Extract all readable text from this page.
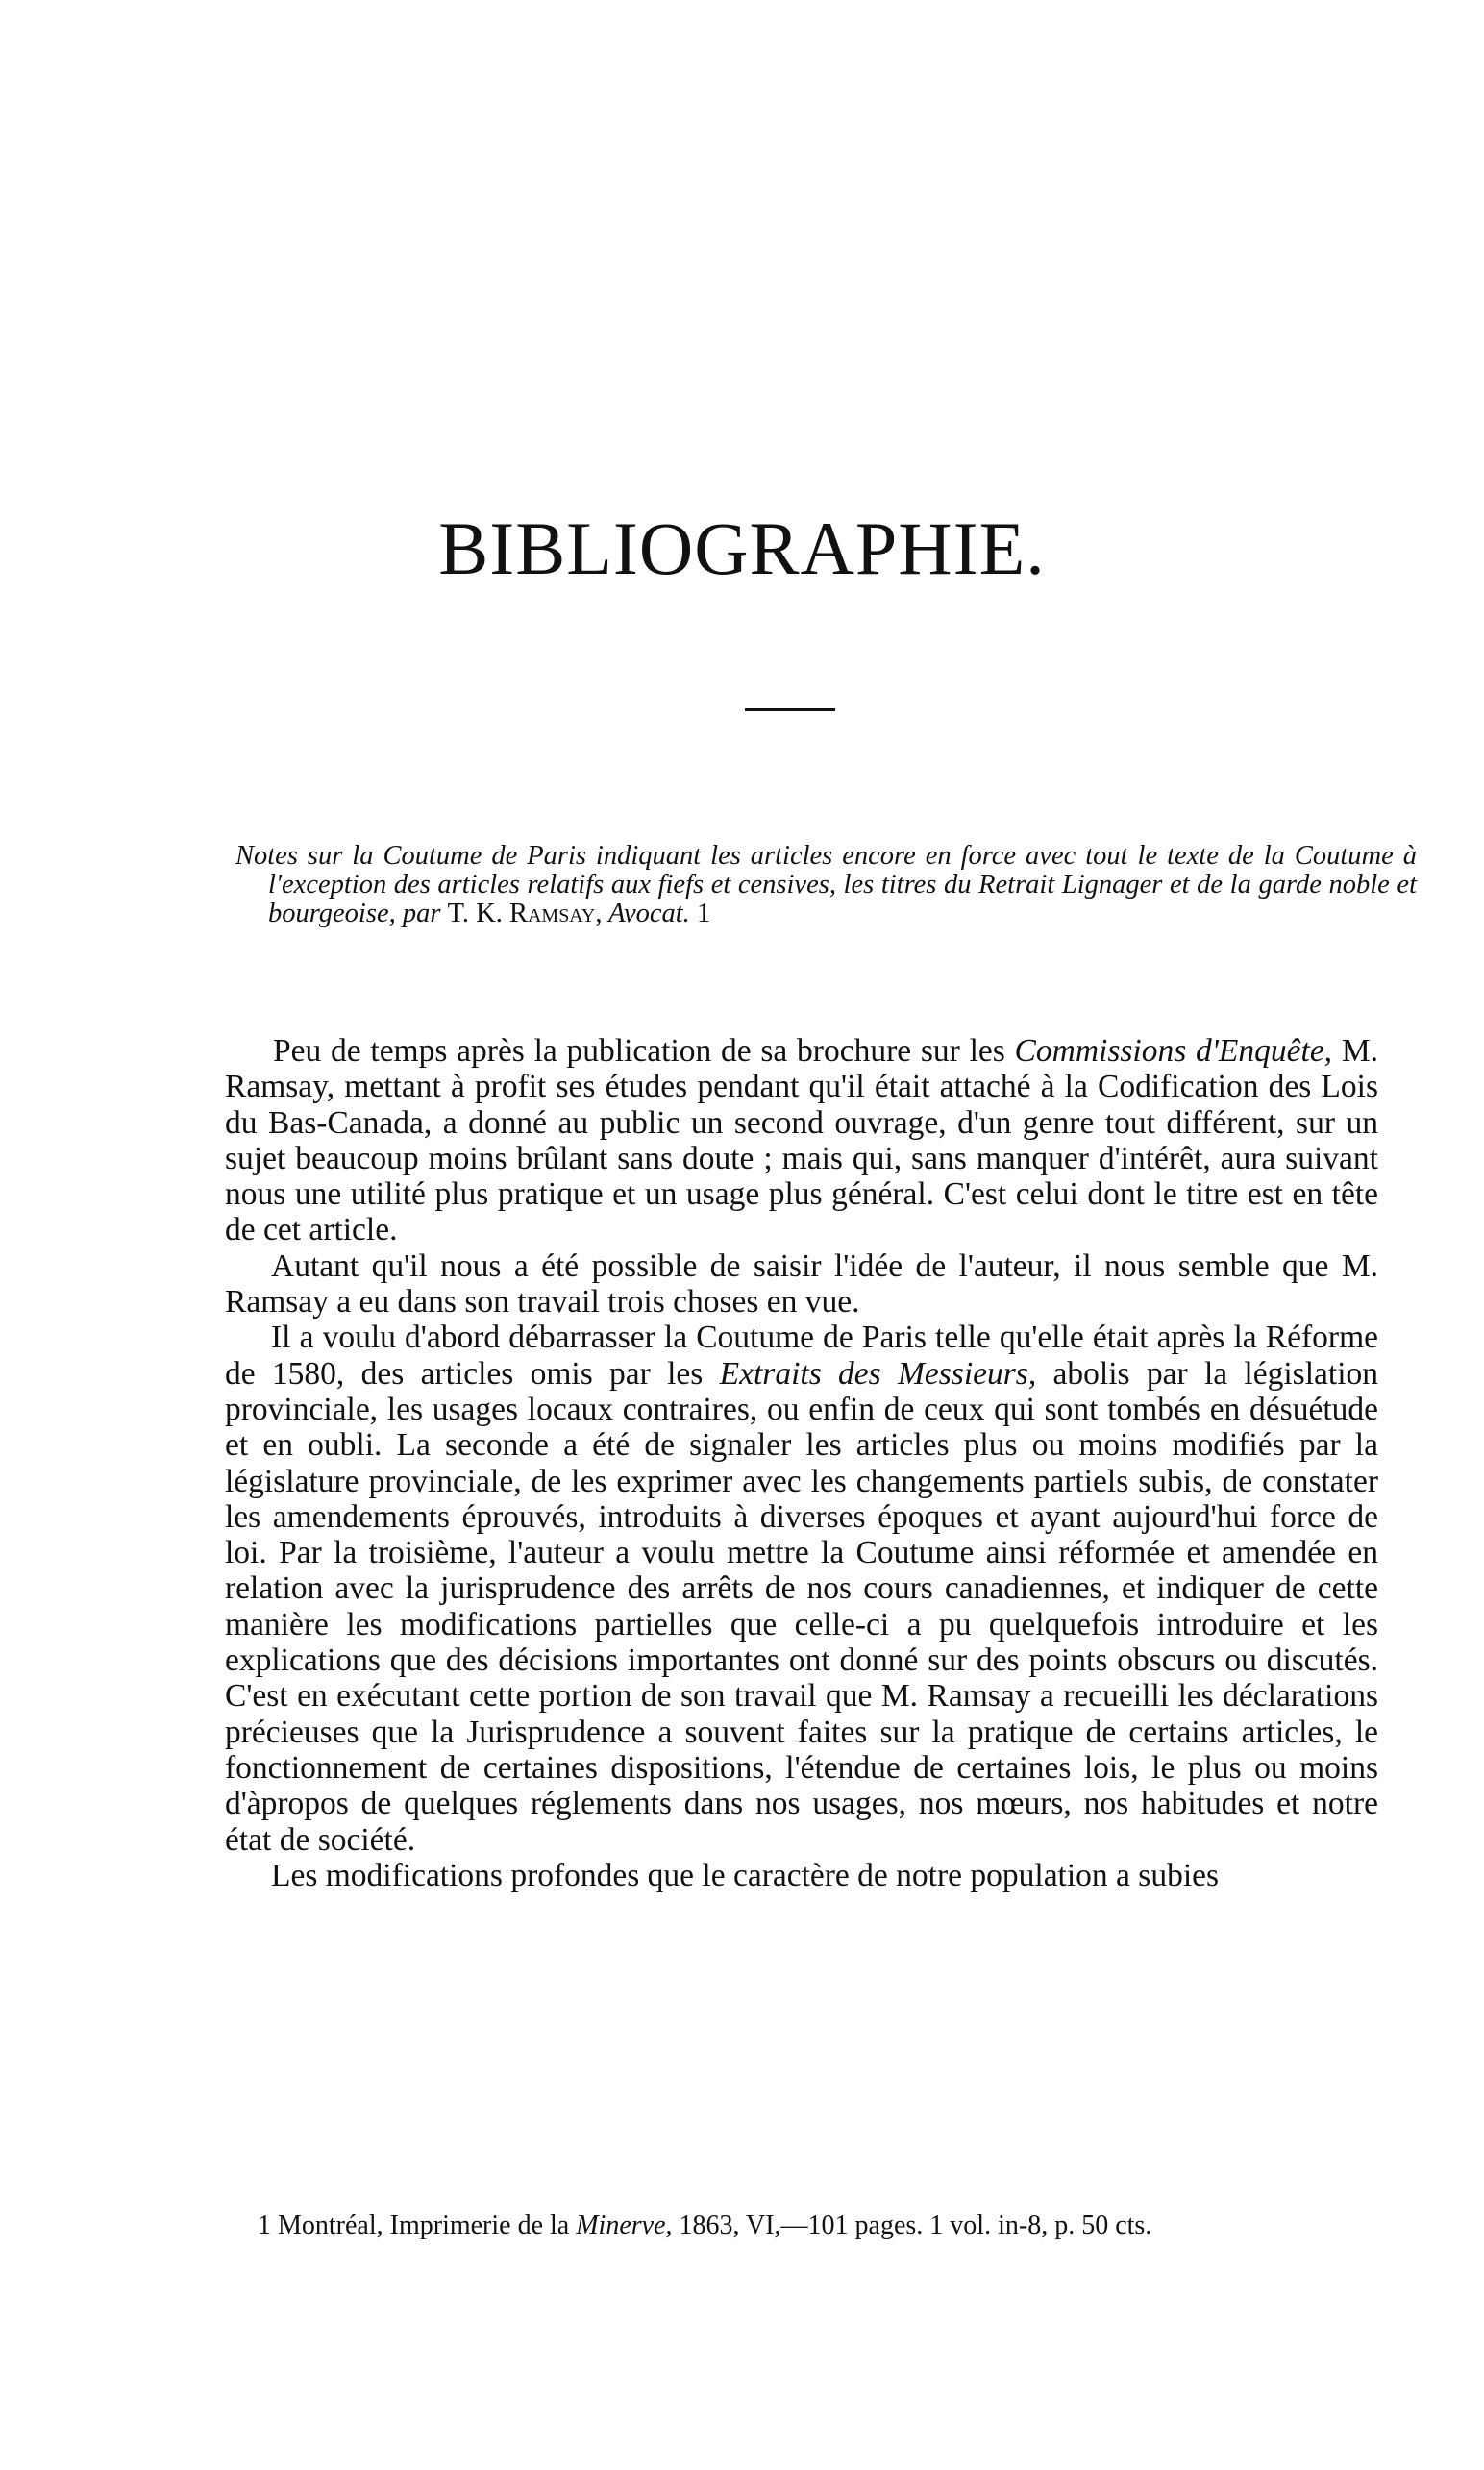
BIBLIOGRAPHIE.

Notes sur la Coutume de Paris indiquant les articles encore en force avec tout le texte de la Coutume à l'exception des articles relatifs aux fiefs et censives, les titres du Retrait Lignager et de la garde noble et bourgeoise, par T. K. Ramsay, Avocat. 1

Peu de temps après la publication de sa brochure sur les Commissions d'Enquête, M. Ramsay, mettant à profit ses études pendant qu'il était attaché à la Codification des Lois du Bas-Canada, a donné au public un second ouvrage, d'un genre tout différent, sur un sujet beaucoup moins brûlant sans doute ; mais qui, sans manquer d'intérêt, aura suivant nous une utilité plus pratique et un usage plus général. C'est celui dont le titre est en tête de cet article.

Autant qu'il nous a été possible de saisir l'idée de l'auteur, il nous semble que M. Ramsay a eu dans son travail trois choses en vue.

Il a voulu d'abord débarrasser la Coutume de Paris telle qu'elle était après la Réforme de 1580, des articles omis par les Extraits des Messieurs, abolis par la législation provinciale, les usages locaux contraires, ou enfin de ceux qui sont tombés en désuétude et en oubli. La seconde a été de signaler les articles plus ou moins modifiés par la législature provinciale, de les exprimer avec les changements partiels subis, de constater les amendements éprouvés, introduits à diverses époques et ayant aujourd'hui force de loi. Par la troisième, l'auteur a voulu mettre la Coutume ainsi réformée et amendée en relation avec la jurisprudence des arrêts de nos cours canadiennes, et indiquer de cette manière les modifications partielles que celle-ci a pu quelquefois introduire et les explications que des décisions importantes ont donné sur des points obscurs ou discutés. C'est en exécutant cette portion de son travail que M. Ramsay a recueilli les déclarations précieuses que la Jurisprudence a souvent faites sur la pratique de certains articles, le fonctionnement de certaines dispositions, l'étendue de certaines lois, le plus ou moins d'àpropos de quelques réglements dans nos usages, nos mœurs, nos habitudes et notre état de société.

Les modifications profondes que le caractère de notre population a subies

1 Montréal, Imprimerie de la Minerve, 1863, VI,—101 pages. 1 vol. in-8, p. 50 cts.
